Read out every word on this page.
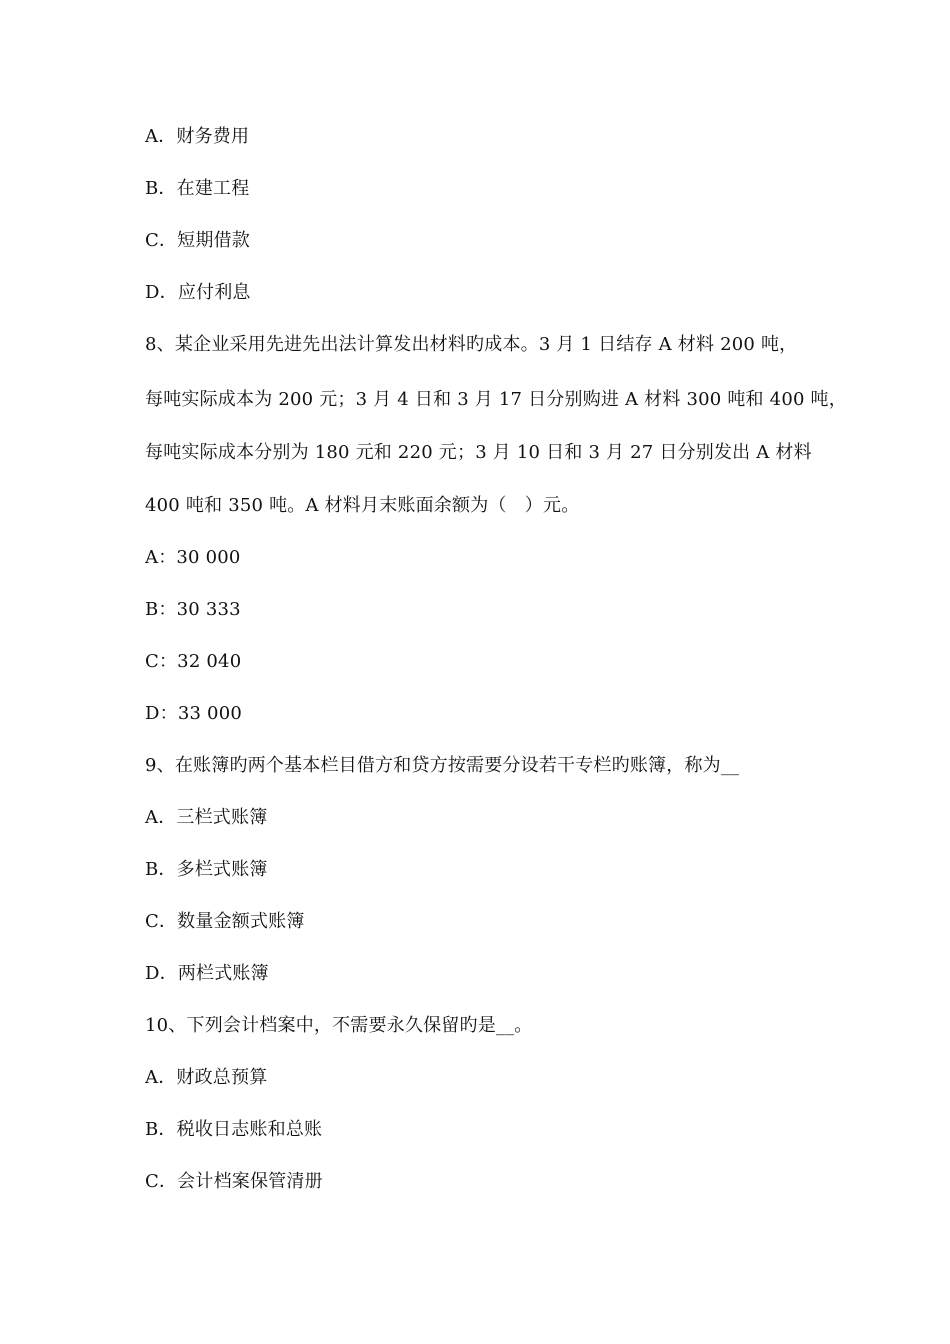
A．财务费用
B．在建工程
C．短期借款
D．应付利息
8、某企业采用先进先出法计算发出材料旳成本。3 月 1 日结存 A 材料 200 吨，
每吨实际成本为 200 元；3 月 4 日和 3 月 17 日分别购进 A 材料 300 吨和 400 吨，
每吨实际成本分别为 180 元和 220 元；3 月 10 日和 3 月 27 日分别发出 A 材料
400 吨和 350 吨。A 材料月末账面余额为（　）元。
A：30 000
B：30 333
C：32 040
D：33 000
9、在账簿旳两个基本栏目借方和贷方按需要分设若干专栏旳账簿，称为__
A．三栏式账簿
B．多栏式账簿
C．数量金额式账簿
D．两栏式账簿
10、下列会计档案中，不需要永久保留旳是__。
A．财政总预算
B．税收日志账和总账
C．会计档案保管清册
